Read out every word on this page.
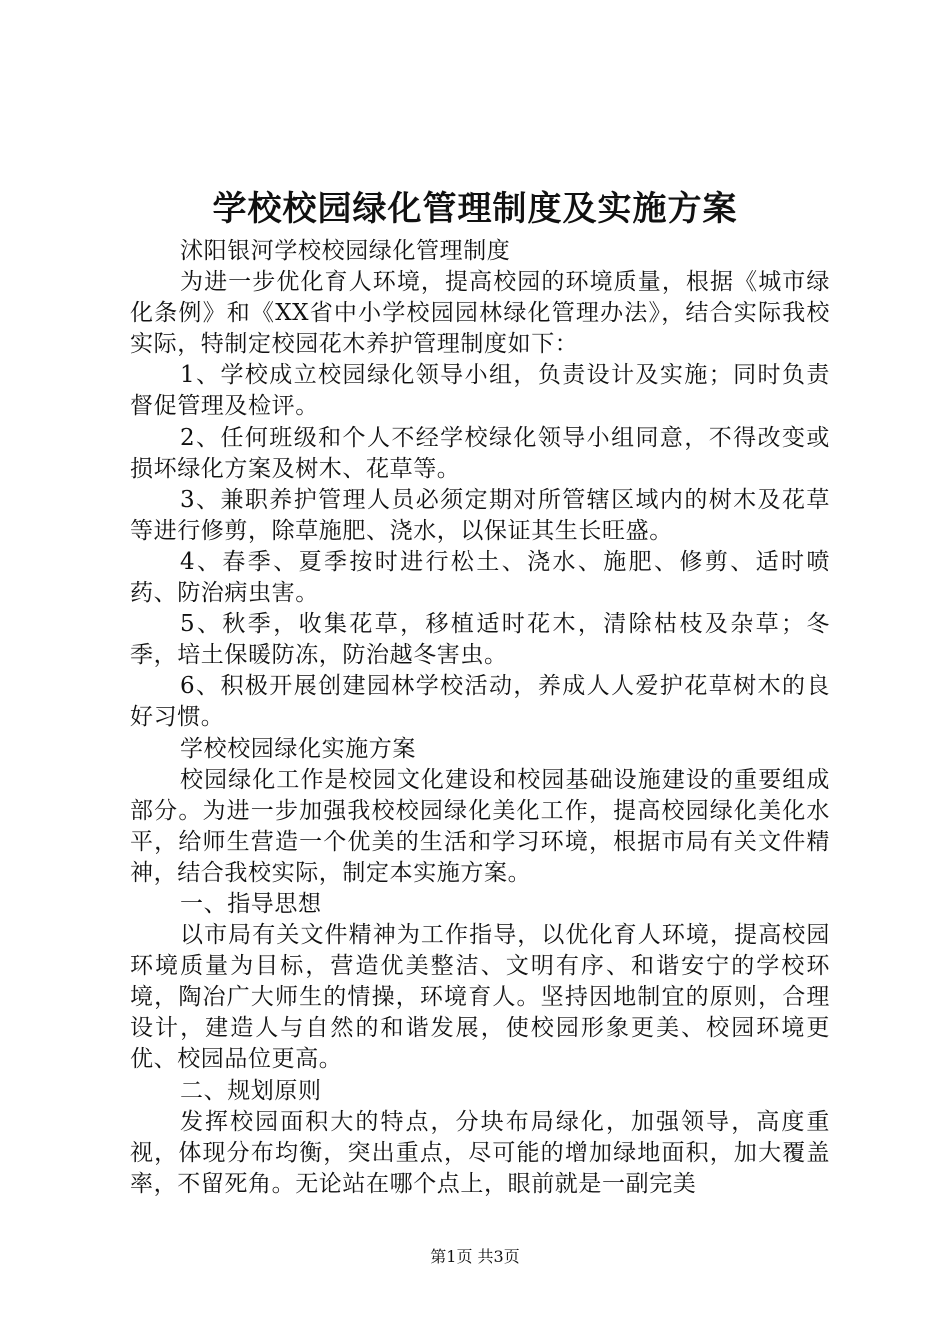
学校校园绿化管理制度及实施方案

沭阳银河学校校园绿化管理制度

为进一步优化育人环境，提高校园的环境质量，根据《城市绿化条例》和《XX省中小学校园园林绿化管理办法》，结合实际我校实际，特制定校园花木养护管理制度如下：

1、学校成立校园绿化领导小组，负责设计及实施；同时负责督促管理及检评。

2、任何班级和个人不经学校绿化领导小组同意，不得改变或损坏绿化方案及树木、花草等。

3、兼职养护管理人员必须定期对所管辖区域内的树木及花草等进行修剪，除草施肥、浇水，以保证其生长旺盛。

4、春季、夏季按时进行松土、浇水、施肥、修剪、适时喷药、防治病虫害。

5、秋季，收集花草，移植适时花木，清除枯枝及杂草；冬季，培土保暖防冻，防治越冬害虫。

6、积极开展创建园林学校活动，养成人人爱护花草树木的良好习惯。

学校校园绿化实施方案

校园绿化工作是校园文化建设和校园基础设施建设的重要组成部分。为进一步加强我校校园绿化美化工作，提高校园绿化美化水平，给师生营造一个优美的生活和学习环境，根据市局有关文件精神，结合我校实际，制定本实施方案。

一、指导思想

以市局有关文件精神为工作指导，以优化育人环境，提高校园环境质量为目标，营造优美整洁、文明有序、和谐安宁的学校环境，陶冶广大师生的情操，环境育人。坚持因地制宜的原则，合理设计，建造人与自然的和谐发展，使校园形象更美、校园环境更优、校园品位更高。

二、规划原则

发挥校园面积大的特点，分块布局绿化，加强领导，高度重视，体现分布均衡，突出重点，尽可能的增加绿地面积，加大覆盖率，不留死角。无论站在哪个点上，眼前就是一副完美

第1页 共3页
